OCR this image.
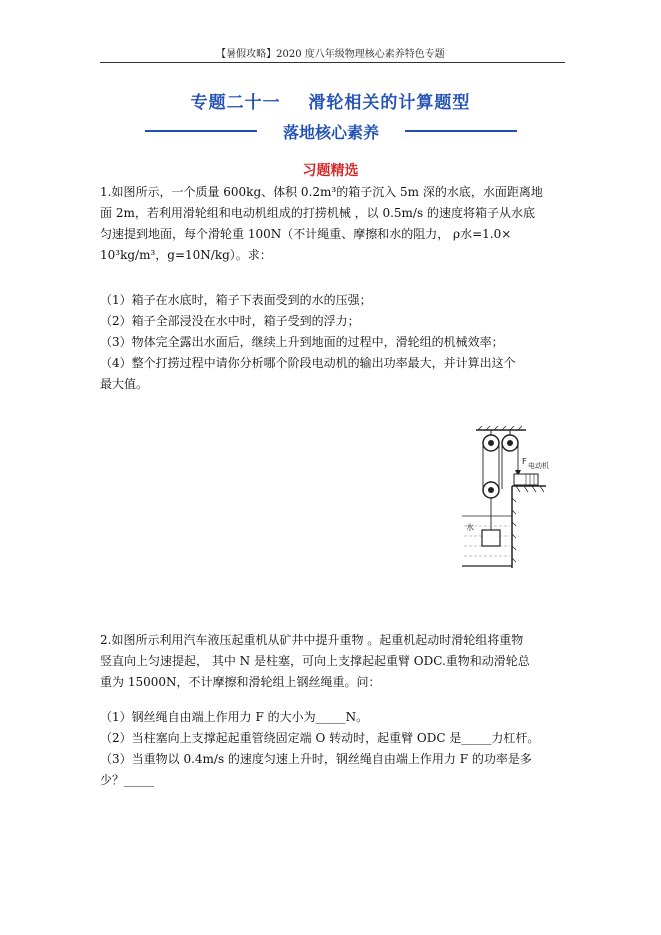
【暑假攻略】2020 度八年级物理核心素养特色专题
专题二十一    滑轮相关的计算题型
落地核心素养
习题精选
1.如图所示，一个质量 600kg、体积 0.2m³的箱子沉入 5m 深的水底，水面距离地
面 2m，若利用滑轮组和电动机组成的打捞机械 ，以 0.5m/s 的速度将箱子从水底
匀速提到地面，每个滑轮重 100N（不计绳重、摩擦和水的阻力， ρ水=1.0×
10³kg/m³，g=10N/kg）。求：
（1）箱子在水底时，箱子下表面受到的水的压强；
（2）箱子全部浸没在水中时，箱子受到的浮力；
（3）物体完全露出水面后，继续上升到地面的过程中，滑轮组的机械效率；
（4）整个打捞过程中请你分析哪个阶段电动机的输出功率最大，并计算出这个
最大值。
F 电动机
水
2.如图所示利用汽车液压起重机从矿井中提升重物 。起重机起动时滑轮组将重物
竖直向上匀速提起， 其中 N 是柱塞，可向上支撑起起重臂 ODC.重物和动滑轮总
重为 15000N，不计摩擦和滑轮组上钢丝绳重。问：
（1）钢丝绳自由端上作用力 F 的大小为_____N。
（2）当柱塞向上支撑起起重管绕固定端 O 转动时，起重臂 ODC 是_____力杠杆。
（3）当重物以 0.4m/s 的速度匀速上升时，钢丝绳自由端上作用力 F 的功率是多
少？_____
